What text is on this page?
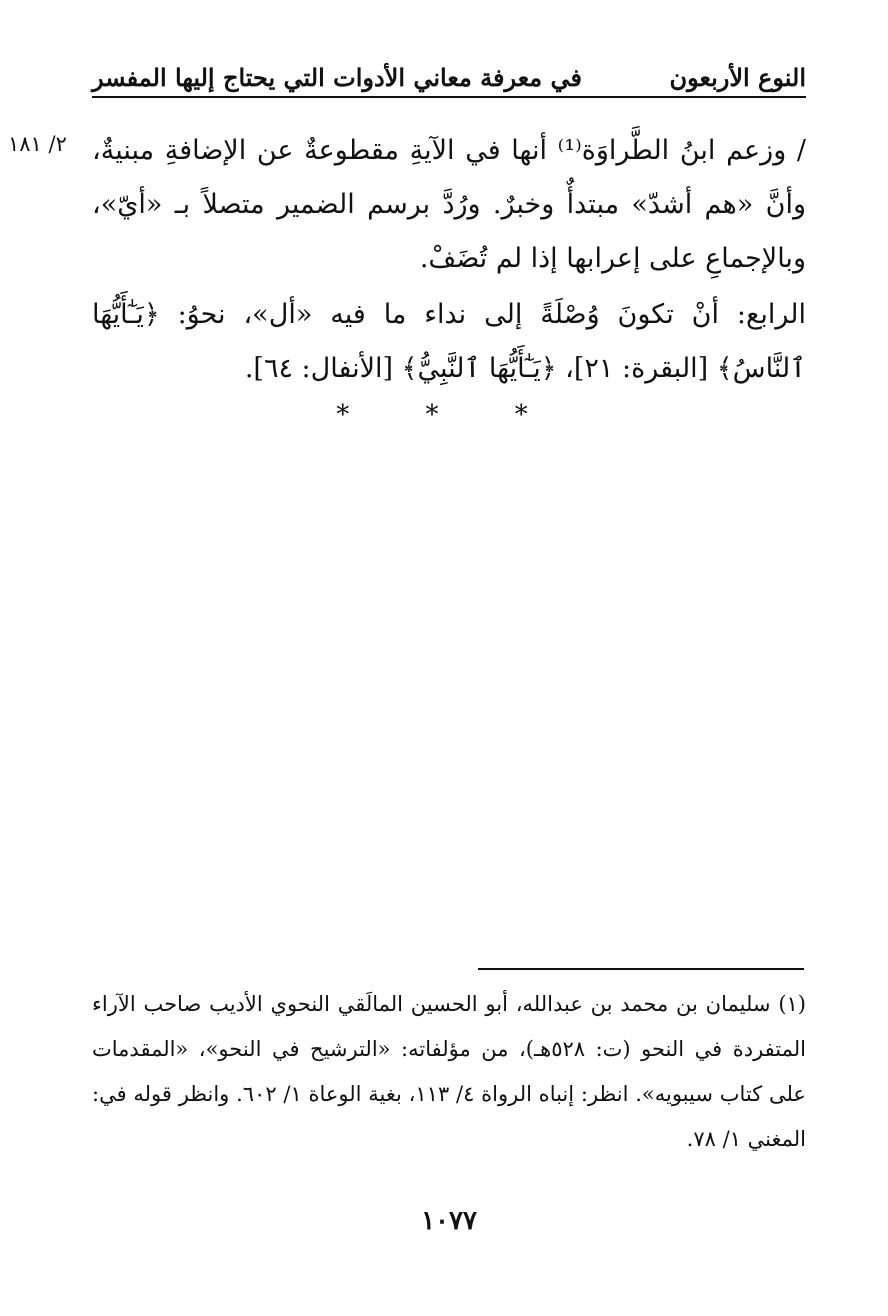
النوع الأربعون
في معرفة معاني الأدوات التي يحتاج إليها المفسر
٢/ ١٨١ / وزعم ابنُ الطَّراوَة⁽¹⁾ أنها في الآيةِ مقطوعةٌ عن الإضافةِ مبنيةٌ، وأنَّ «هم أشدّ» مبتدأٌ وخبرٌ. ورُدَّ برسم الضمير متصلاً بـ «أيّ»، وبالإجماعِ على إعرابها إذا لم تُضَفْ.

الرابع: أنْ تكونَ وُصْلَةً إلى نداء ما فيه «أل»، نحوُ: ﴿يَـٰٓأَيُّهَا ٱلنَّاسُ﴾ [البقرة: ٢١]، ﴿يَـٰٓأَيُّهَا ٱلنَّبِيُّ﴾ [الأنفال: ٦٤].

* * *

(١) سليمان بن محمد بن عبدالله، أبو الحسين المالَقي النحوي الأديب صاحب الآراء المتفردة في النحو (ت: ٥٢٨هـ)، من مؤلفاته: «الترشيح في النحو»، «المقدمات على كتاب سيبويه». انظر: إنباه الرواة ٤/ ١١٣، بغية الوعاة ١/ ٦٠٢. وانظر قوله في: المغني ١/ ٧٨.

١٠٧٧
